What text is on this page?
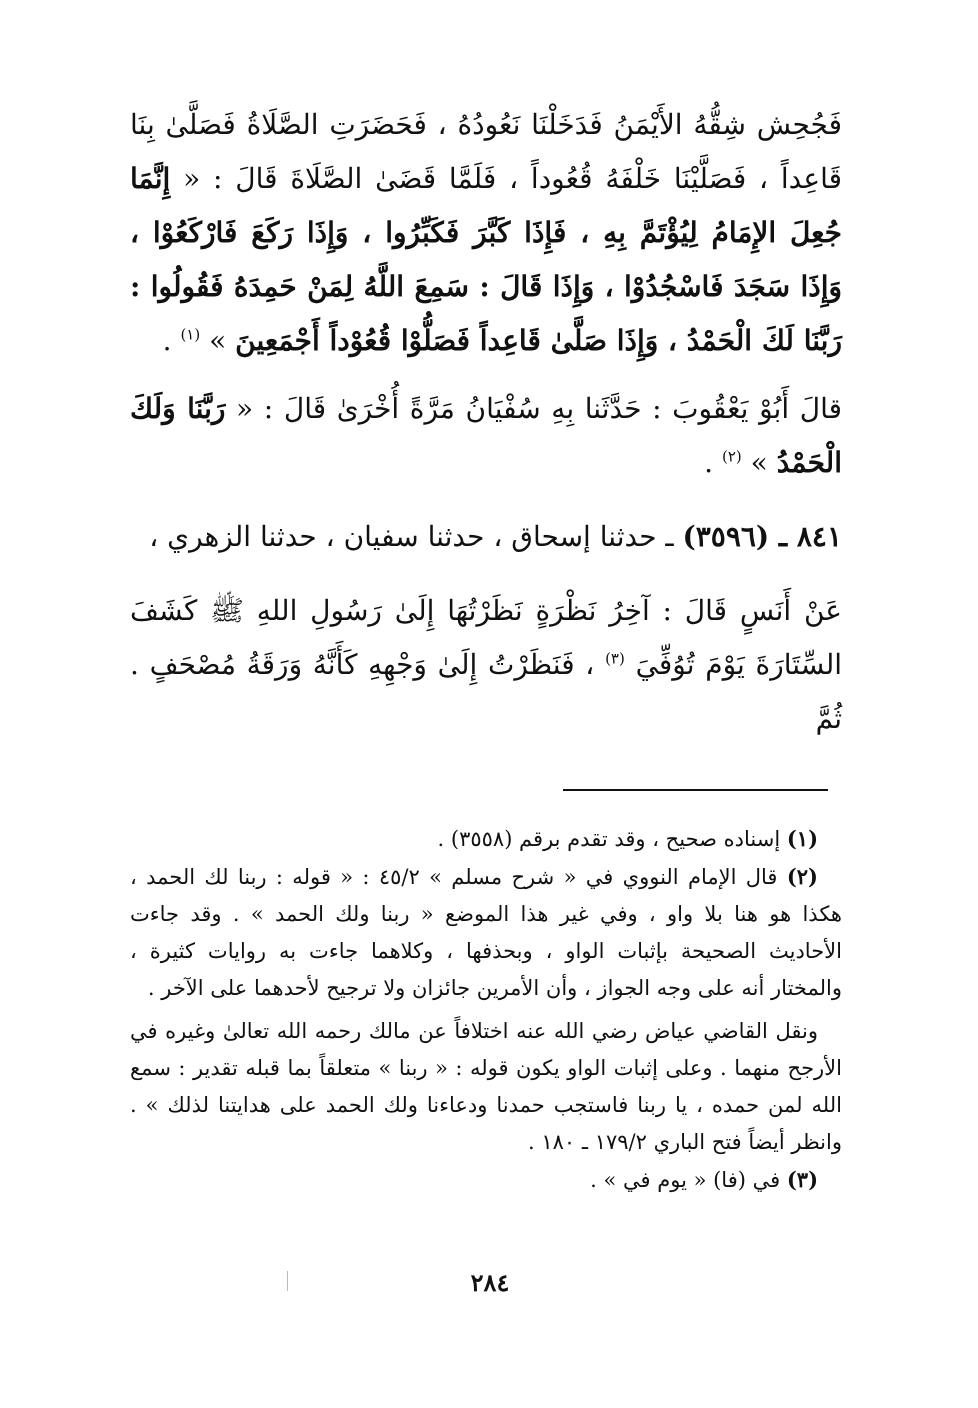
فَجُحِش شِقُّهُ الأَيْمَنُ فَدَخَلْنَا نَعُودُهُ ، فَحَضَرَتِ الصَّلَاةُ فَصَلَّىٰ بِنَا قَاعِداً ، فَصَلَّيْنَا خَلْفَهُ قُعُوداً ، فَلَمَّا قَضَىٰ الصَّلَاةَ قَالَ : « إِنَّمَا جُعِلَ الإِمَامُ لِيُؤْتَمَّ بِهِ ، فَإِذَا كَبَّرَ فَكَبِّرُوا ، وَإِذَا رَكَعَ فَارْكَعُوْا ، وَإِذَا سَجَدَ فَاسْجُدُوْا ، وَإِذَا قَالَ : سَمِعَ اللَّهُ لِمَنْ حَمِدَهُ فَقُولُوا : رَبَّنَا لَكَ الْحَمْدُ ، وَإِذَا صَلَّىٰ قَاعِداً فَصَلُّوْا قُعُوْداً أَجْمَعِينَ » $^{(١)}$ .

قالَ أَبُوْ يَعْقُوبَ : حَدَّثَنا بِهِ سُفْيَانُ مَرَّةً أُخْرَىٰ قَالَ : « رَبَّنَا وَلَكَ الْحَمْدُ » $^{(٢)}$ .

٨٤١ ـ (٣٥٩٦) ـ حدثنا إسحاق ، حدثنا سفيان ، حدثنا الزهري ،

عَنْ أَنَسٍ قَالَ : آخِرُ نَظْرَةٍ نَظَرْتُهَا إِلَىٰ رَسُولِ اللهِ ﷺ كَشَفَ السِّتَارَةَ يَوْمَ تُوُفِّيَ $^{(٣)}$ ، فَنَظَرْتُ إِلَىٰ وَجْهِهِ كَأَنَّهُ وَرَقَةُ مُصْحَفٍ . ثُمَّ

(١) إسناده صحيح ، وقد تقدم برقم (٣٥٥٨) .

(٢) قال الإمام النووي في « شرح مسلم » ٤٥/٢ : « قوله : ربنا لك الحمد ، هكذا هو هنا بلا واو ، وفي غير هذا الموضع « ربنا ولك الحمد » . وقد جاءت الأحاديث الصحيحة بإثبات الواو ، وبحذفها ، وكلاهما جاءت به روايات كثيرة ، والمختار أنه على وجه الجواز ، وأن الأمرين جائزان ولا ترجيح لأحدهما على الآخر .

ونقل القاضي عياض رضي الله عنه اختلافاً عن مالك رحمه الله تعالىٰ وغيره في الأرجح منهما . وعلى إثبات الواو يكون قوله : « ربنا » متعلقاً بما قبله تقدير : سمع الله لمن حمده ، يا ربنا فاستجب حمدنا ودعاءنا ولك الحمد على هدايتنا لذلك » . وانظر أيضاً فتح الباري ١٧٩/٢ ـ ١٨٠ .

(٣) في (فا) « يوم في » .

٢٨٤
